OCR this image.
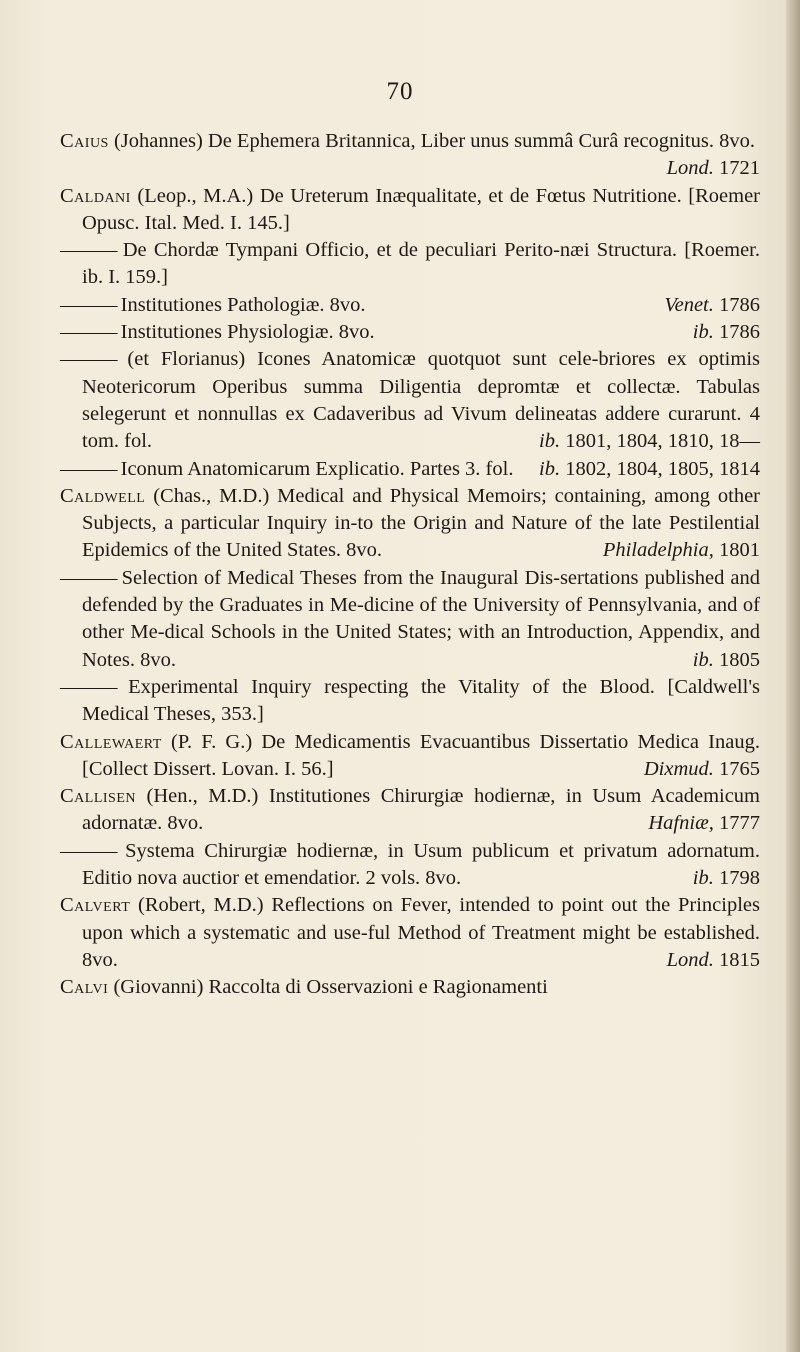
70
Caius (Johannes) De Ephemera Britannica, Liber unus summâ Curâ recognitus. 8vo.
Lond. 1721
Caldani (Leop., M.A.) De Ureterum Inæqualitate, et de Fœtus Nutritione. [Roemer Opusc. Ital. Med. I. 145.]
——— De Chordæ Tympani Officio, et de peculiari Perito-næi Structura. [Roemer. ib. I. 159.]
——— Institutiones Pathologiæ. 8vo.	Venet. 1786
——— Institutiones Physiologiæ. 8vo.	ib. 1786
——— (et Florianus) Icones Anatomicæ quotquot sunt cele-briores ex optimis Neotericorum Operibus summa Diligentia depromtæ et collectæ. Tabulas selegerunt et nonnullas ex Cadaveribus ad Vivum delineatas addere curarunt. 4 tom. fol.	ib. 1801, 1804, 1810, 18—
——— Iconum Anatomicarum Explicatio. Partes 3. fol. ib. 1802, 1804, 1805, 1814
Caldwell (Chas., M.D.) Medical and Physical Memoirs; containing, among other Subjects, a particular Inquiry in-to the Origin and Nature of the late Pestilential Epidemics of the United States. 8vo.	Philadelphia, 1801
——— Selection of Medical Theses from the Inaugural Dis-sertations published and defended by the Graduates in Me-dicine of the University of Pennsylvania, and of other Me-dical Schools in the United States; with an Introduction, Appendix, and Notes. 8vo.	ib. 1805
——— Experimental Inquiry respecting the Vitality of the Blood. [Caldwell's Medical Theses, 353.]
Callewaert (P. F. G.) De Medicamentis Evacuantibus Dissertatio Medica Inaug. [Collect Dissert. Lovan. I. 56.]	Dixmud. 1765
Callisen (Hen., M.D.) Institutiones Chirurgiæ hodiernæ, in Usum Academicum adornatæ. 8vo.	Hafniæ, 1777
——— Systema Chirurgiæ hodiernæ, in Usum publicum et privatum adornatum. Editio nova auctior et emendatior. 2 vols. 8vo.	ib. 1798
Calvert (Robert, M.D.) Reflections on Fever, intended to point out the Principles upon which a systematic and use-ful Method of Treatment might be established. 8vo.	Lond. 1815
Calvi (Giovanni) Raccolta di Osservazioni e Ragionamenti
